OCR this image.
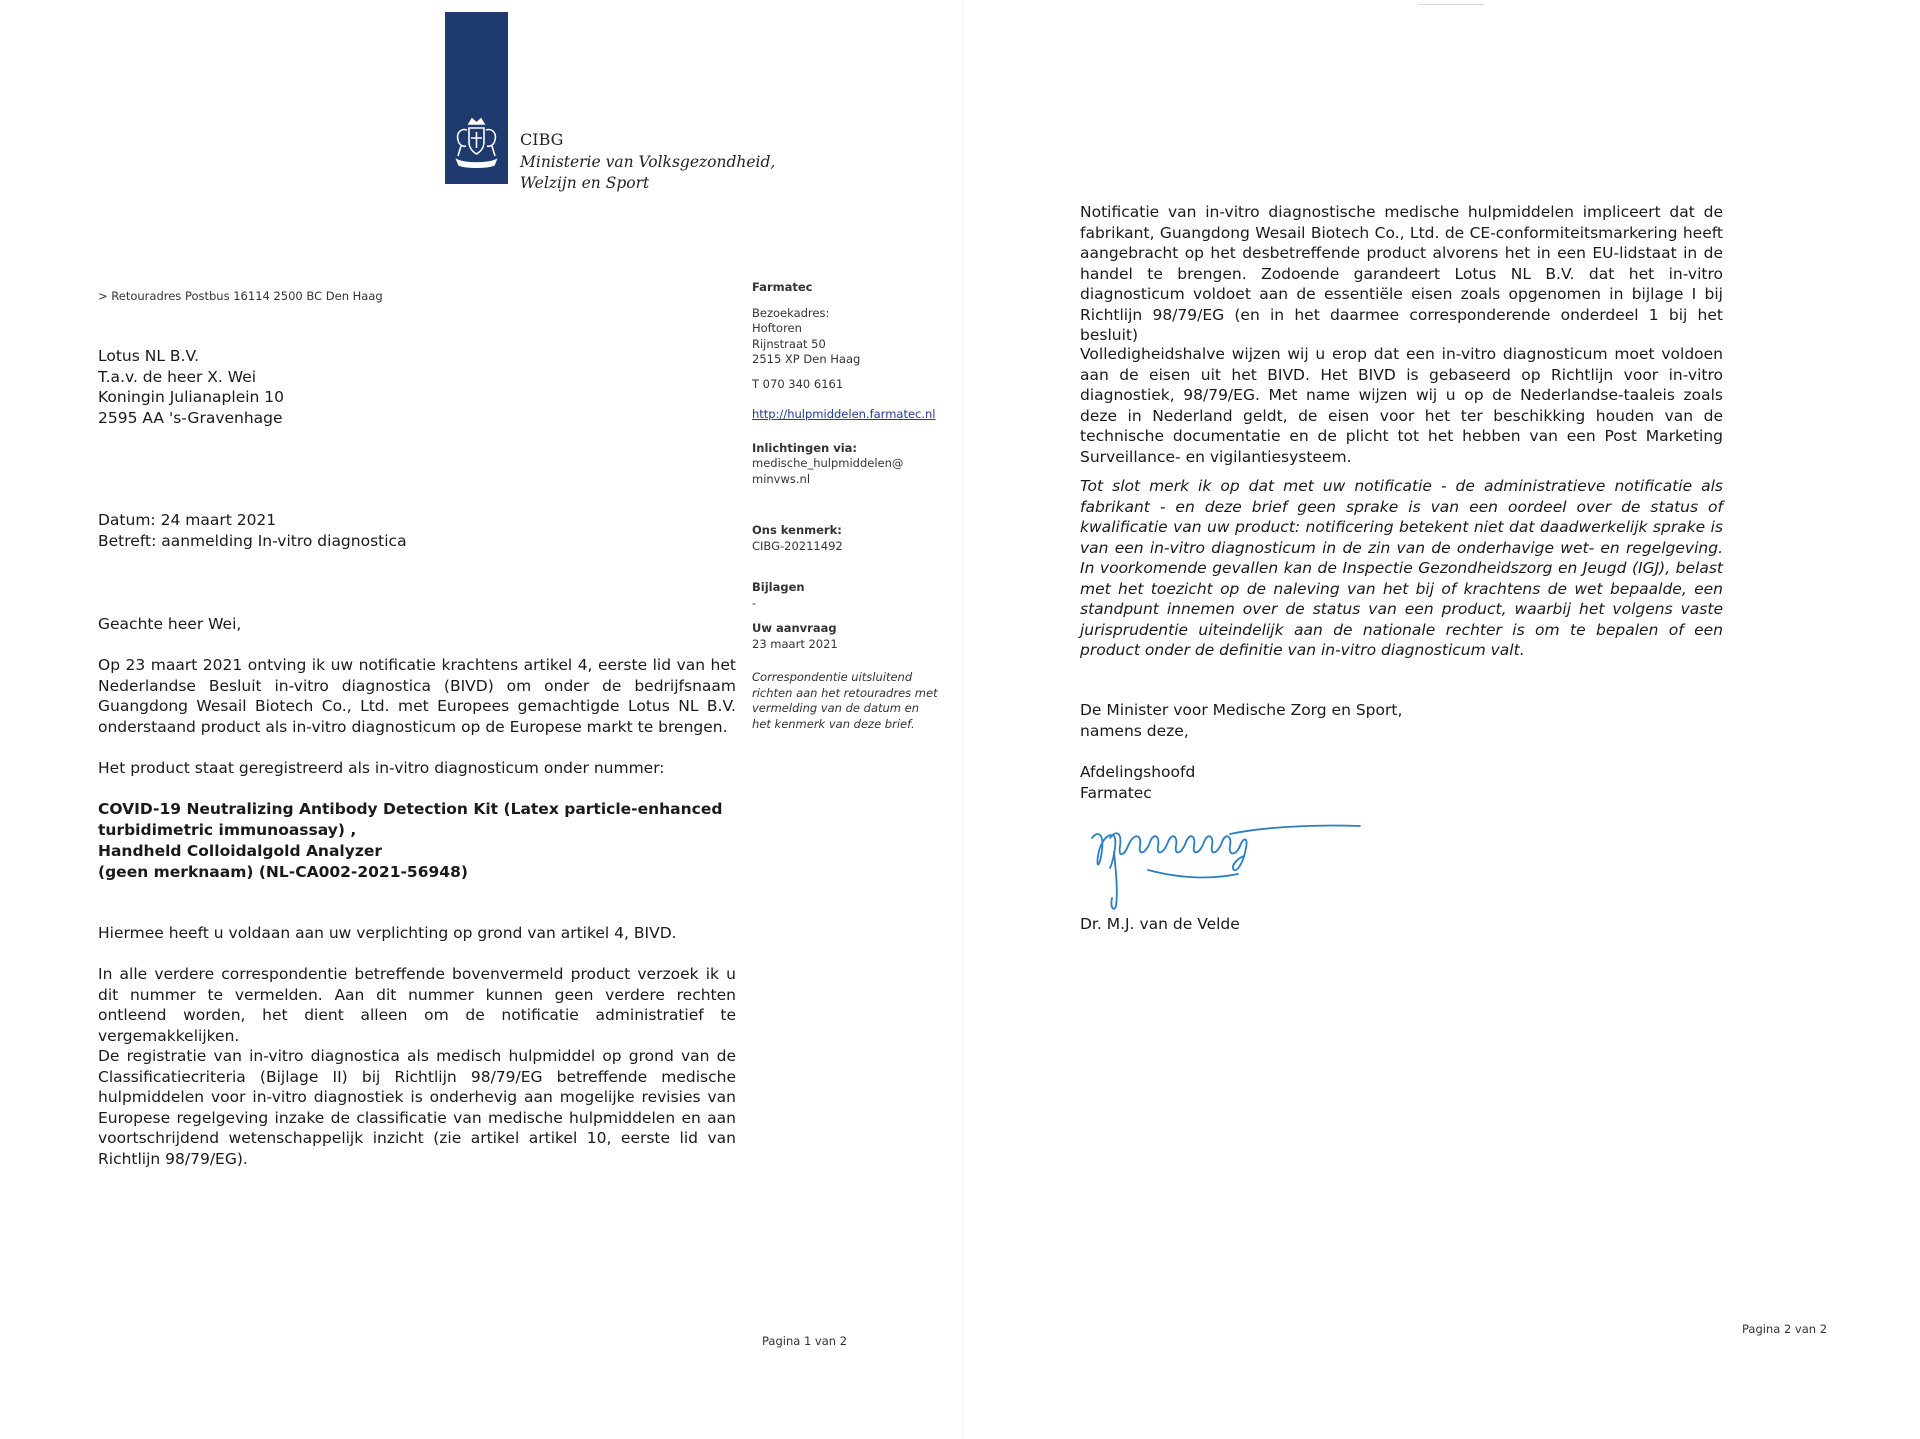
CIBG
Ministerie van Volksgezondheid,
Welzijn en Sport
> Retouradres Postbus 16114 2500 BC Den Haag
Lotus NL B.V.
T.a.v. de heer X. Wei
Koningin Julianaplein 10
2595 AA 's-Gravenhage
Datum: 24 maart 2021
Betreft: aanmelding In-vitro diagnostica
Geachte heer Wei,
Op 23 maart 2021 ontving ik uw notificatie krachtens artikel 4, eerste lid van het Nederlandse Besluit in-vitro diagnostica (BIVD) om onder de bedrijfsnaam Guangdong Wesail Biotech Co., Ltd. met Europees gemachtigde Lotus NL B.V. onderstaand product als in-vitro diagnosticum op de Europese markt te brengen.
Het product staat geregistreerd als in-vitro diagnosticum onder nummer:
COVID-19 Neutralizing Antibody Detection Kit (Latex particle-enhanced
turbidimetric immunoassay) ,
Handheld Colloidalgold Analyzer
(geen merknaam) (NL-CA002-2021-56948)
Hiermee heeft u voldaan aan uw verplichting op grond van artikel 4, BIVD.
In alle verdere correspondentie betreffende bovenvermeld product verzoek ik u dit nummer te vermelden. Aan dit nummer kunnen geen verdere rechten ontleend worden, het dient alleen om de notificatie administratief te vergemakkelijken.
De registratie van in-vitro diagnostica als medisch hulpmiddel op grond van de Classificatiecriteria (Bijlage II) bij Richtlijn 98/79/EG betreffende medische hulpmiddelen voor in-vitro diagnostiek is onderhevig aan mogelijke revisies van Europese regelgeving inzake de classificatie van medische hulpmiddelen en aan voortschrijdend wetenschappelijk inzicht (zie artikel artikel 10, eerste lid van Richtlijn 98/79/EG).
Pagina 1 van 2
Farmatec
Bezoekadres:
Hoftoren
Rijnstraat 50
2515 XP Den Haag
T 070 340 6161
http://hulpmiddelen.farmatec.nl
Inlichtingen via:
medische_hulpmiddelen@
minvws.nl
Ons kenmerk:
CIBG-20211492
Bijlagen
-
Uw aanvraag
23 maart 2021
Correspondentie uitsluitend
richten aan het retouradres met
vermelding van de datum en
het kenmerk van deze brief.
Notificatie van in-vitro diagnostische medische hulpmiddelen impliceert dat de fabrikant, Guangdong Wesail Biotech Co., Ltd. de CE-conformiteitsmarkering heeft aangebracht op het desbetreffende product alvorens het in een EU-lidstaat in de handel te brengen. Zodoende garandeert Lotus NL B.V. dat het in-vitro diagnosticum voldoet aan de essentiële eisen zoals opgenomen in bijlage I bij Richtlijn 98/79/EG (en in het daarmee corresponderende onderdeel 1 bij het besluit)
Volledigheidshalve wijzen wij u erop dat een in-vitro diagnosticum moet voldoen aan de eisen uit het BIVD. Het BIVD is gebaseerd op Richtlijn voor in-vitro diagnostiek, 98/79/EG. Met name wijzen wij u op de Nederlandse-taaleis zoals deze in Nederland geldt, de eisen voor het ter beschikking houden van de technische documentatie en de plicht tot het hebben van een Post Marketing Surveillance- en vigilantiesysteem.
Tot slot merk ik op dat met uw notificatie - de administratieve notificatie als fabrikant - en deze brief geen sprake is van een oordeel over de status of kwalificatie van uw product: notificering betekent niet dat daadwerkelijk sprake is van een in-vitro diagnosticum in de zin van de onderhavige wet- en regelgeving. In voorkomende gevallen kan de Inspectie Gezondheidszorg en Jeugd (IGJ), belast met het toezicht op de naleving van het bij of krachtens de wet bepaalde, een standpunt innemen over de status van een product, waarbij het volgens vaste jurisprudentie uiteindelijk aan de nationale rechter is om te bepalen of een product onder de definitie van in-vitro diagnosticum valt.
De Minister voor Medische Zorg en Sport,
namens deze,
Afdelingshoofd
Farmatec
Dr. M.J. van de Velde
Pagina 2 van 2
